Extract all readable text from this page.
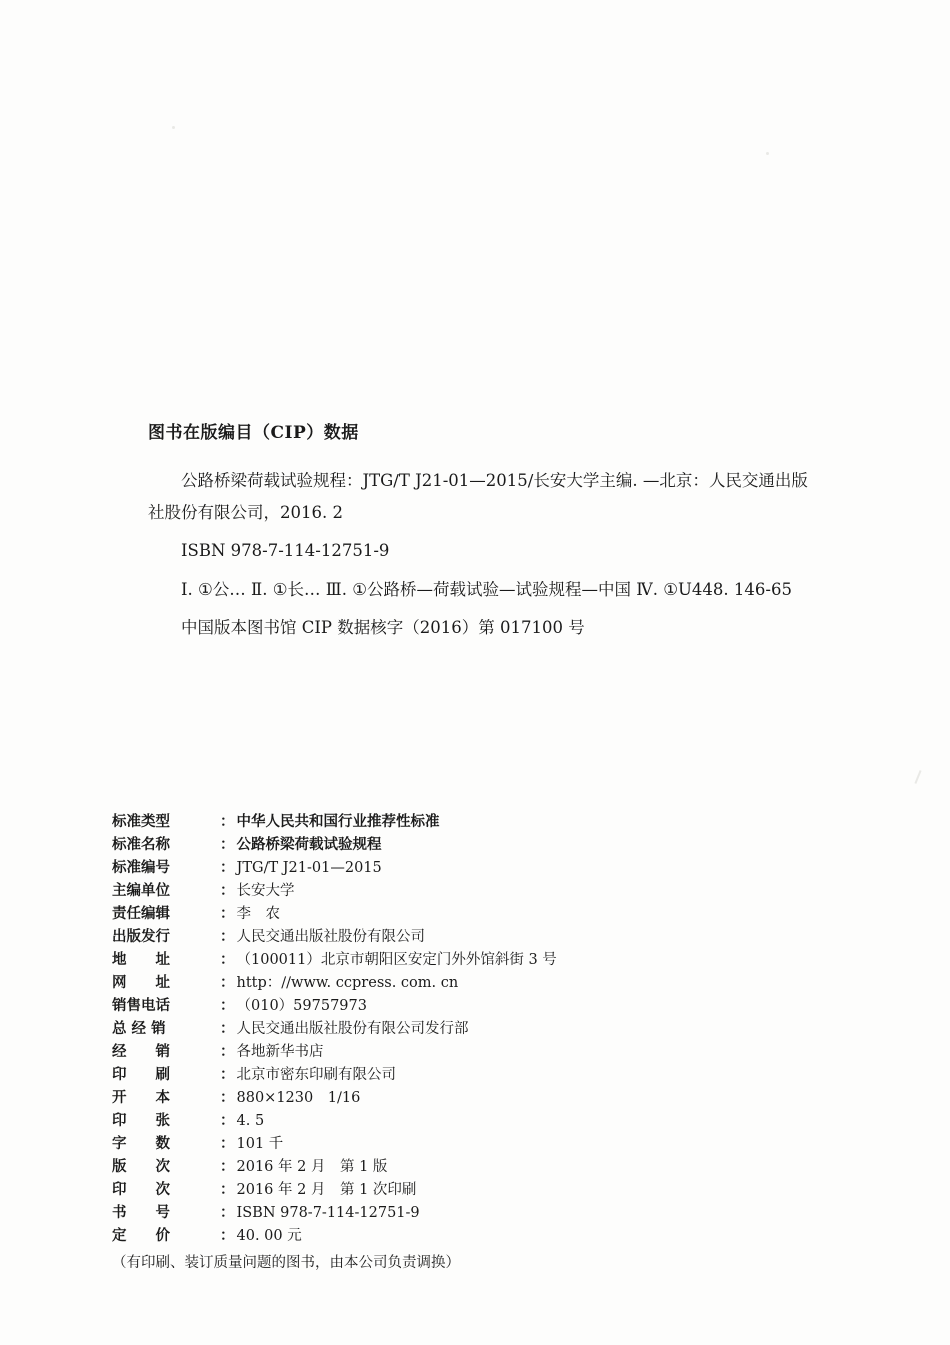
图书在版编目（CIP）数据

公路桥梁荷载试验规程：JTG∕T J21-01—2015∕长安大学主编. —北京：人民交通出版社股份有限公司，2016. 2

ISBN 978-7-114-12751-9

Ⅰ. ①公… Ⅱ. ①长… Ⅲ. ①公路桥—荷载试验—试验规程—中国 Ⅳ. ①U448. 146-65

中国版本图书馆 CIP 数据核字（2016）第 017100 号

标准类型	： 中华人民共和国行业推荐性标准
标准名称	： 公路桥梁荷载试验规程
标准编号	： JTG∕T J21-01—2015
主编单位	： 长安大学
责任编辑	： 李　农
出版发行	： 人民交通出版社股份有限公司
地　　址	： （100011）北京市朝阳区安定门外外馆斜街 3 号
网　　址	： http：∕∕www. ccpress. com. cn
销售电话	： （010）59757973
总 经 销	： 人民交通出版社股份有限公司发行部
经　　销	： 各地新华书店
印　　刷	： 北京市密东印刷有限公司
开　　本	： 880×1230　1∕16
印　　张	： 4. 5
字　　数	： 101 千
版　　次	： 2016 年 2 月　第 1 版
印　　次	： 2016 年 2 月　第 1 次印刷
书　　号	： ISBN 978-7-114-12751-9
定　　价	： 40. 00 元
（有印刷、装订质量问题的图书，由本公司负责调换）
